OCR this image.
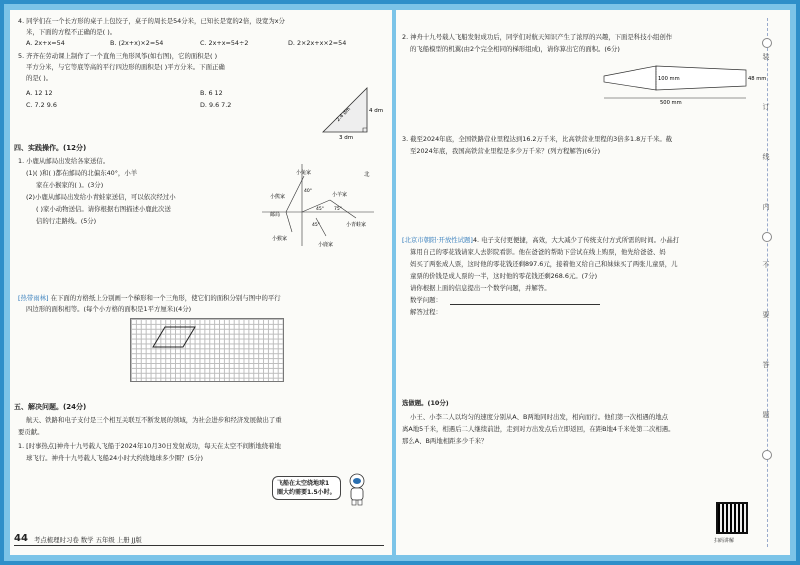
4. 同学们在一个长方形的桌子上包饺子，桌子的周长是54分米，已知长是宽的2倍，设宽为x分
米，下面的方程不正确的是( )。
A. 2x+x=54	B. (2x+x)×2=54	C. 2x+x=54÷2	D. 2×2x+x×2=54
5. 齐齐在劳动课上制作了一个直角三角形风筝(如右图)，它的面积是( )
平方分米，与它等底等高的平行四边形的面积是( )平方分米。下面正确
的是( )。
A. 12 12	B. 6 12
C. 7.2 9.6	D. 9.6 7.2
4 dm
3 dm
2.4 dm
四、实践操作。(12分)
1. 小鹿从邮局出发给各家送信。
(1)( )和( )都在邮局的北偏东40°，小羊
家在小猴家的( )。(3分)
(2)小鹿从邮局出发给小青蛙家送信，可以依次经过小
( )家小动物送信。请你根据右图描述小鹿此次送
信的行走路线。(5分)
北
小兔家
小熊家	小羊家
邮局
小青蛙家
小猴家
小鹿家
40°
45° 75°
45°
[热带雨林] 在下面的方格纸上分别画一个梯形和一个三角形，使它们的面积分别与图中的平行
四边形的面积相等。(每个小方格的面积是1平方厘米)(4分)
五、解决问题。(24分)
航天、铁路和电子支付是三个相互关联互不断发展的领域，为社会进步和经济发展做出了重
要贡献。
1. [时事热点]神舟十九号载人飞船于2024年10月30日发射成功，每天在太空不间断地绕着地
球飞行。神舟十九号载人飞船24小时大约绕地球多少圈？(5分)
飞船在太空绕地球1
圈大约需要1.5小时。
44 考点梳理时习卷 数学 五年级 上册 JJ版
2. 神舟十九号载人飞船发射成功后，同学们对航天知识产生了浓厚的兴趣，下面是科技小组创作
的飞船模型的机翼(由2个完全相同的梯形组成)，请你算出它的面积。(6分)
100 mm	48 mm
500 mm
3. 截至2024年底，全国铁路营业里程达到16.2万千米，比高铁营业里程的3倍多1.8万千米。截
至2024年底，我国高铁营业里程是多少万千米？(列方程解答)(6分)
[北京市朝阳·开放性试题]4. 电子支付更便捷，高效，大大减少了传统支付方式所需的时间。小晶打
算用自己的零花钱请家人去影院看影。他在爸爸的帮助下尝试在线上购票，他先给爸爸、妈
妈买了两张成人票，这时他的零花钱还剩897.6元，接着他又给自己和妹妹买了两张儿童票，儿
童票的价钱是成人票的一半，这时他的零花钱还剩268.6元。(7分)
请你根据上面的信息提出一个数学问题，并解答。
数学问题：
解答过程：
选做题。(10分)
小王、小李二人以均匀的速度分别从A、B两地同时出发，相向而行。他们第一次相遇的地点
离A地5千米，相遇后二人继续前进，走到对方出发点后立即返回，在距B地4千米处第二次相遇。
那么A、B两地相距多少千米？
装
订
线
内
不
要
答
题
扫码讲解
